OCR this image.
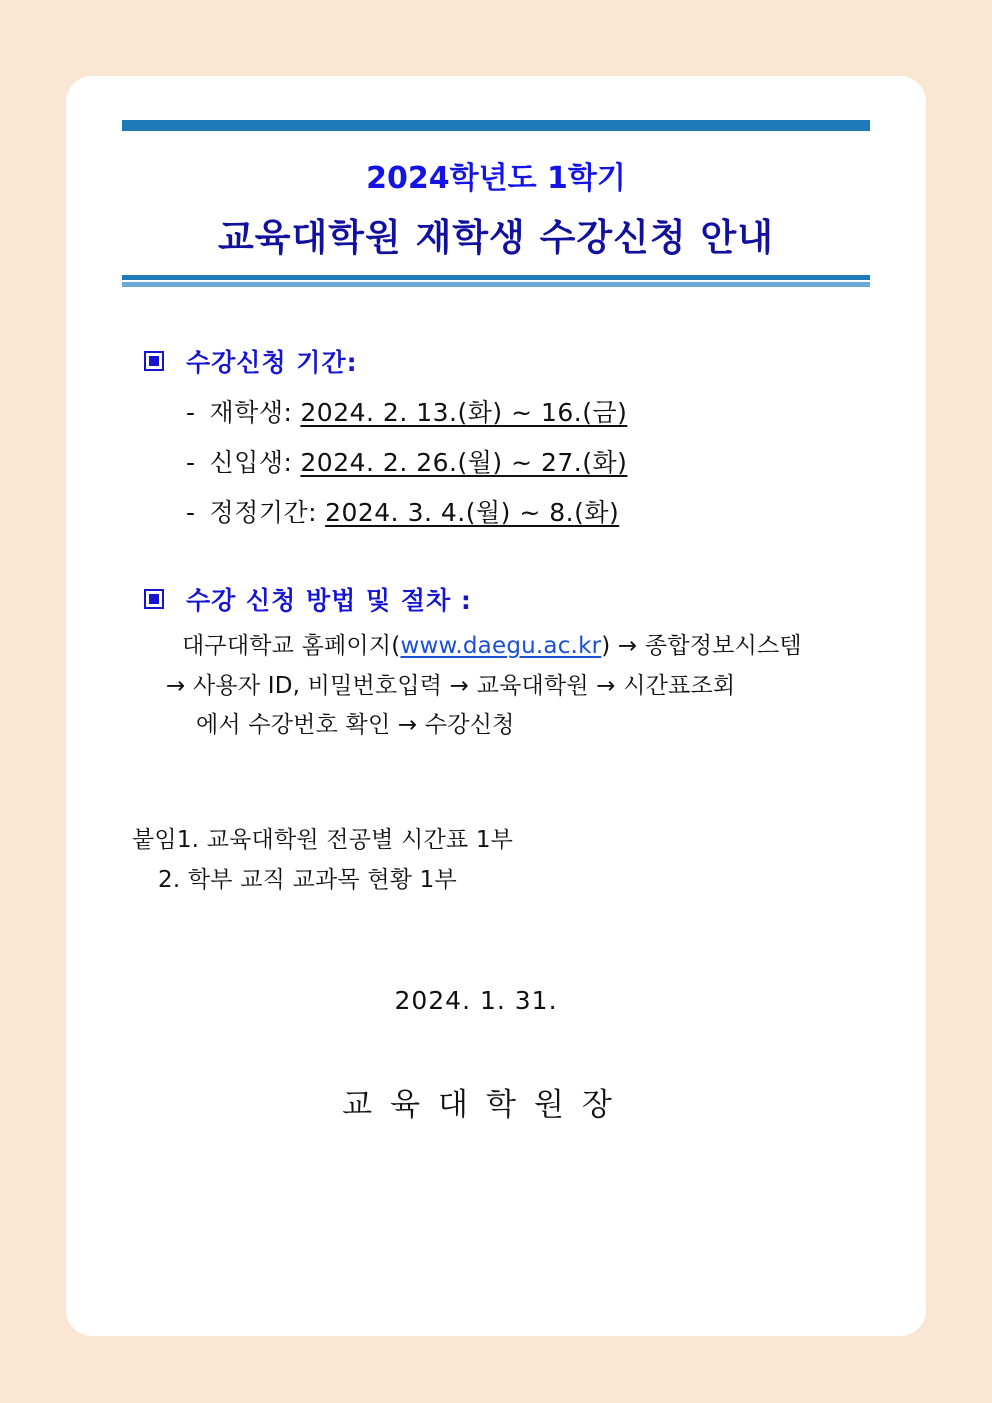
2024학년도 1학기
교육대학원 재학생 수강신청 안내
수강신청 기간:
- 재학생: 2024. 2. 13.(화) ~ 16.(금)
- 신입생: 2024. 2. 26.(월) ~ 27.(화)
- 정정기간: 2024. 3. 4.(월) ~ 8.(화)
수강 신청 방법 및 절차 :
대구대학교 홈페이지(www.daegu.ac.kr) → 종합정보시스템
→ 사용자 ID, 비밀번호입력 → 교육대학원 → 시간표조회
에서 수강번호 확인 → 수강신청
붙임1. 교육대학원 전공별 시간표 1부
2. 학부 교직 교과목 현황 1부
2024. 1. 31.
교육대학원장
